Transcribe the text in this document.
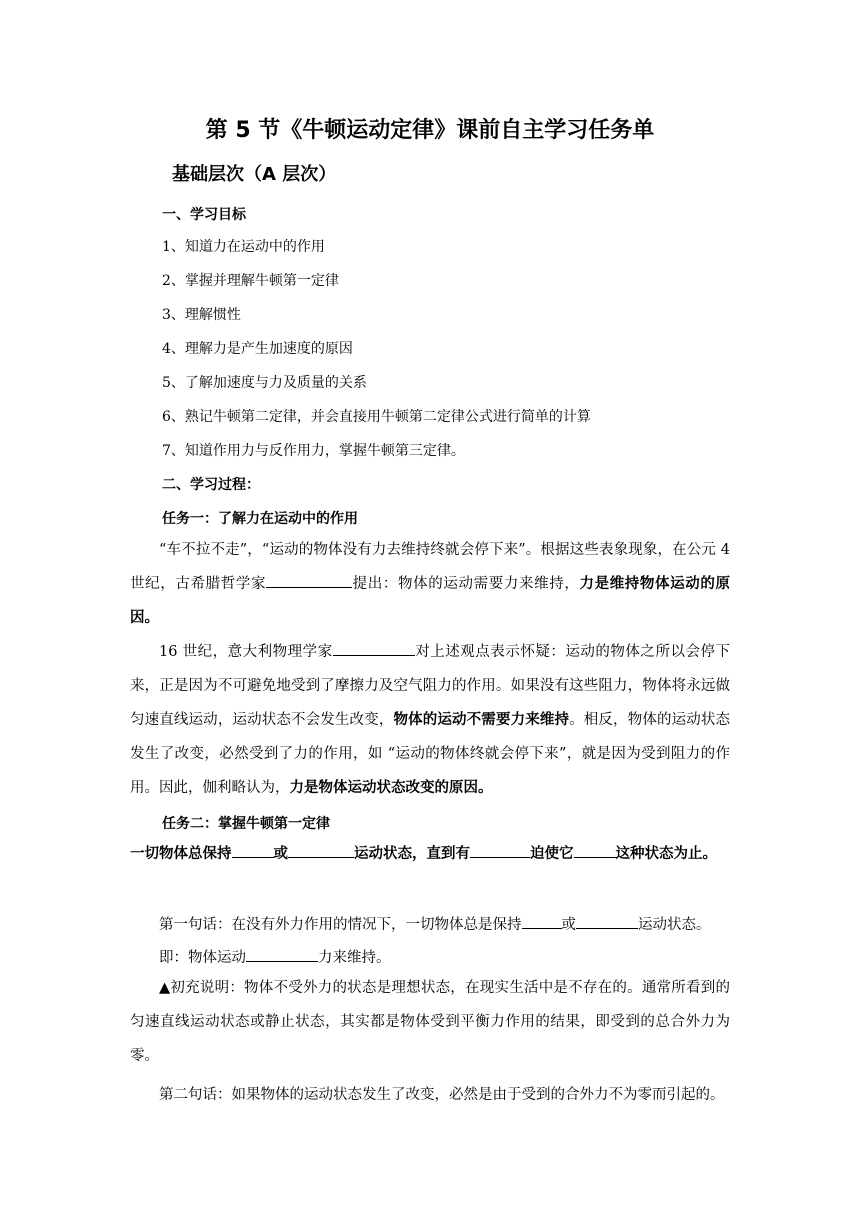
第 5 节《牛顿运动定律》课前自主学习任务单
基础层次（A 层次）
一、学习目标
1、知道力在运动中的作用
2、掌握并理解牛顿第一定律
3、理解惯性
4、理解力是产生加速度的原因
5、了解加速度与力及质量的关系
6、熟记牛顿第二定律，并会直接用牛顿第二定律公式进行简单的计算
7、知道作用力与反作用力，掌握牛顿第三定律。
二、学习过程：
任务一：了解力在运动中的作用
“车不拉不走”，“运动的物体没有力去维持终就会停下来”。根据这些表象现象，在公元 4 世纪，古希腊哲学家	提出：物体的运动需要力来维持，力是维持物体运动的原因。
16 世纪，意大利物理学家	对上述观点表示怀疑：运动的物体之所以会停下来，正是因为不可避免地受到了摩擦力及空气阻力的作用。如果没有这些阻力，物体将永远做匀速直线运动，运动状态不会发生改变，物体的运动不需要力来维持。相反，物体的运动状态发生了改变，必然受到了力的作用，如 “运动的物体终就会停下来”，就是因为受到阻力的作用。因此，伽利略认为，力是物体运动状态改变的原因。
任务二：掌握牛顿第一定律
一切物体总保持	或	运动状态，直到有	迫使它	这种状态为止。
第一句话：在没有外力作用的情况下，一切物体总是保持	或	运动状态。
即：物体运动	力来维持。
▲初充说明：物体不受外力的状态是理想状态，在现实生活中是不存在的。通常所看到的匀速直线运动状态或静止状态，其实都是物体受到平衡力作用的结果，即受到的总合外力为零。
第二句话：如果物体的运动状态发生了改变，必然是由于受到的合外力不为零而引起的。
